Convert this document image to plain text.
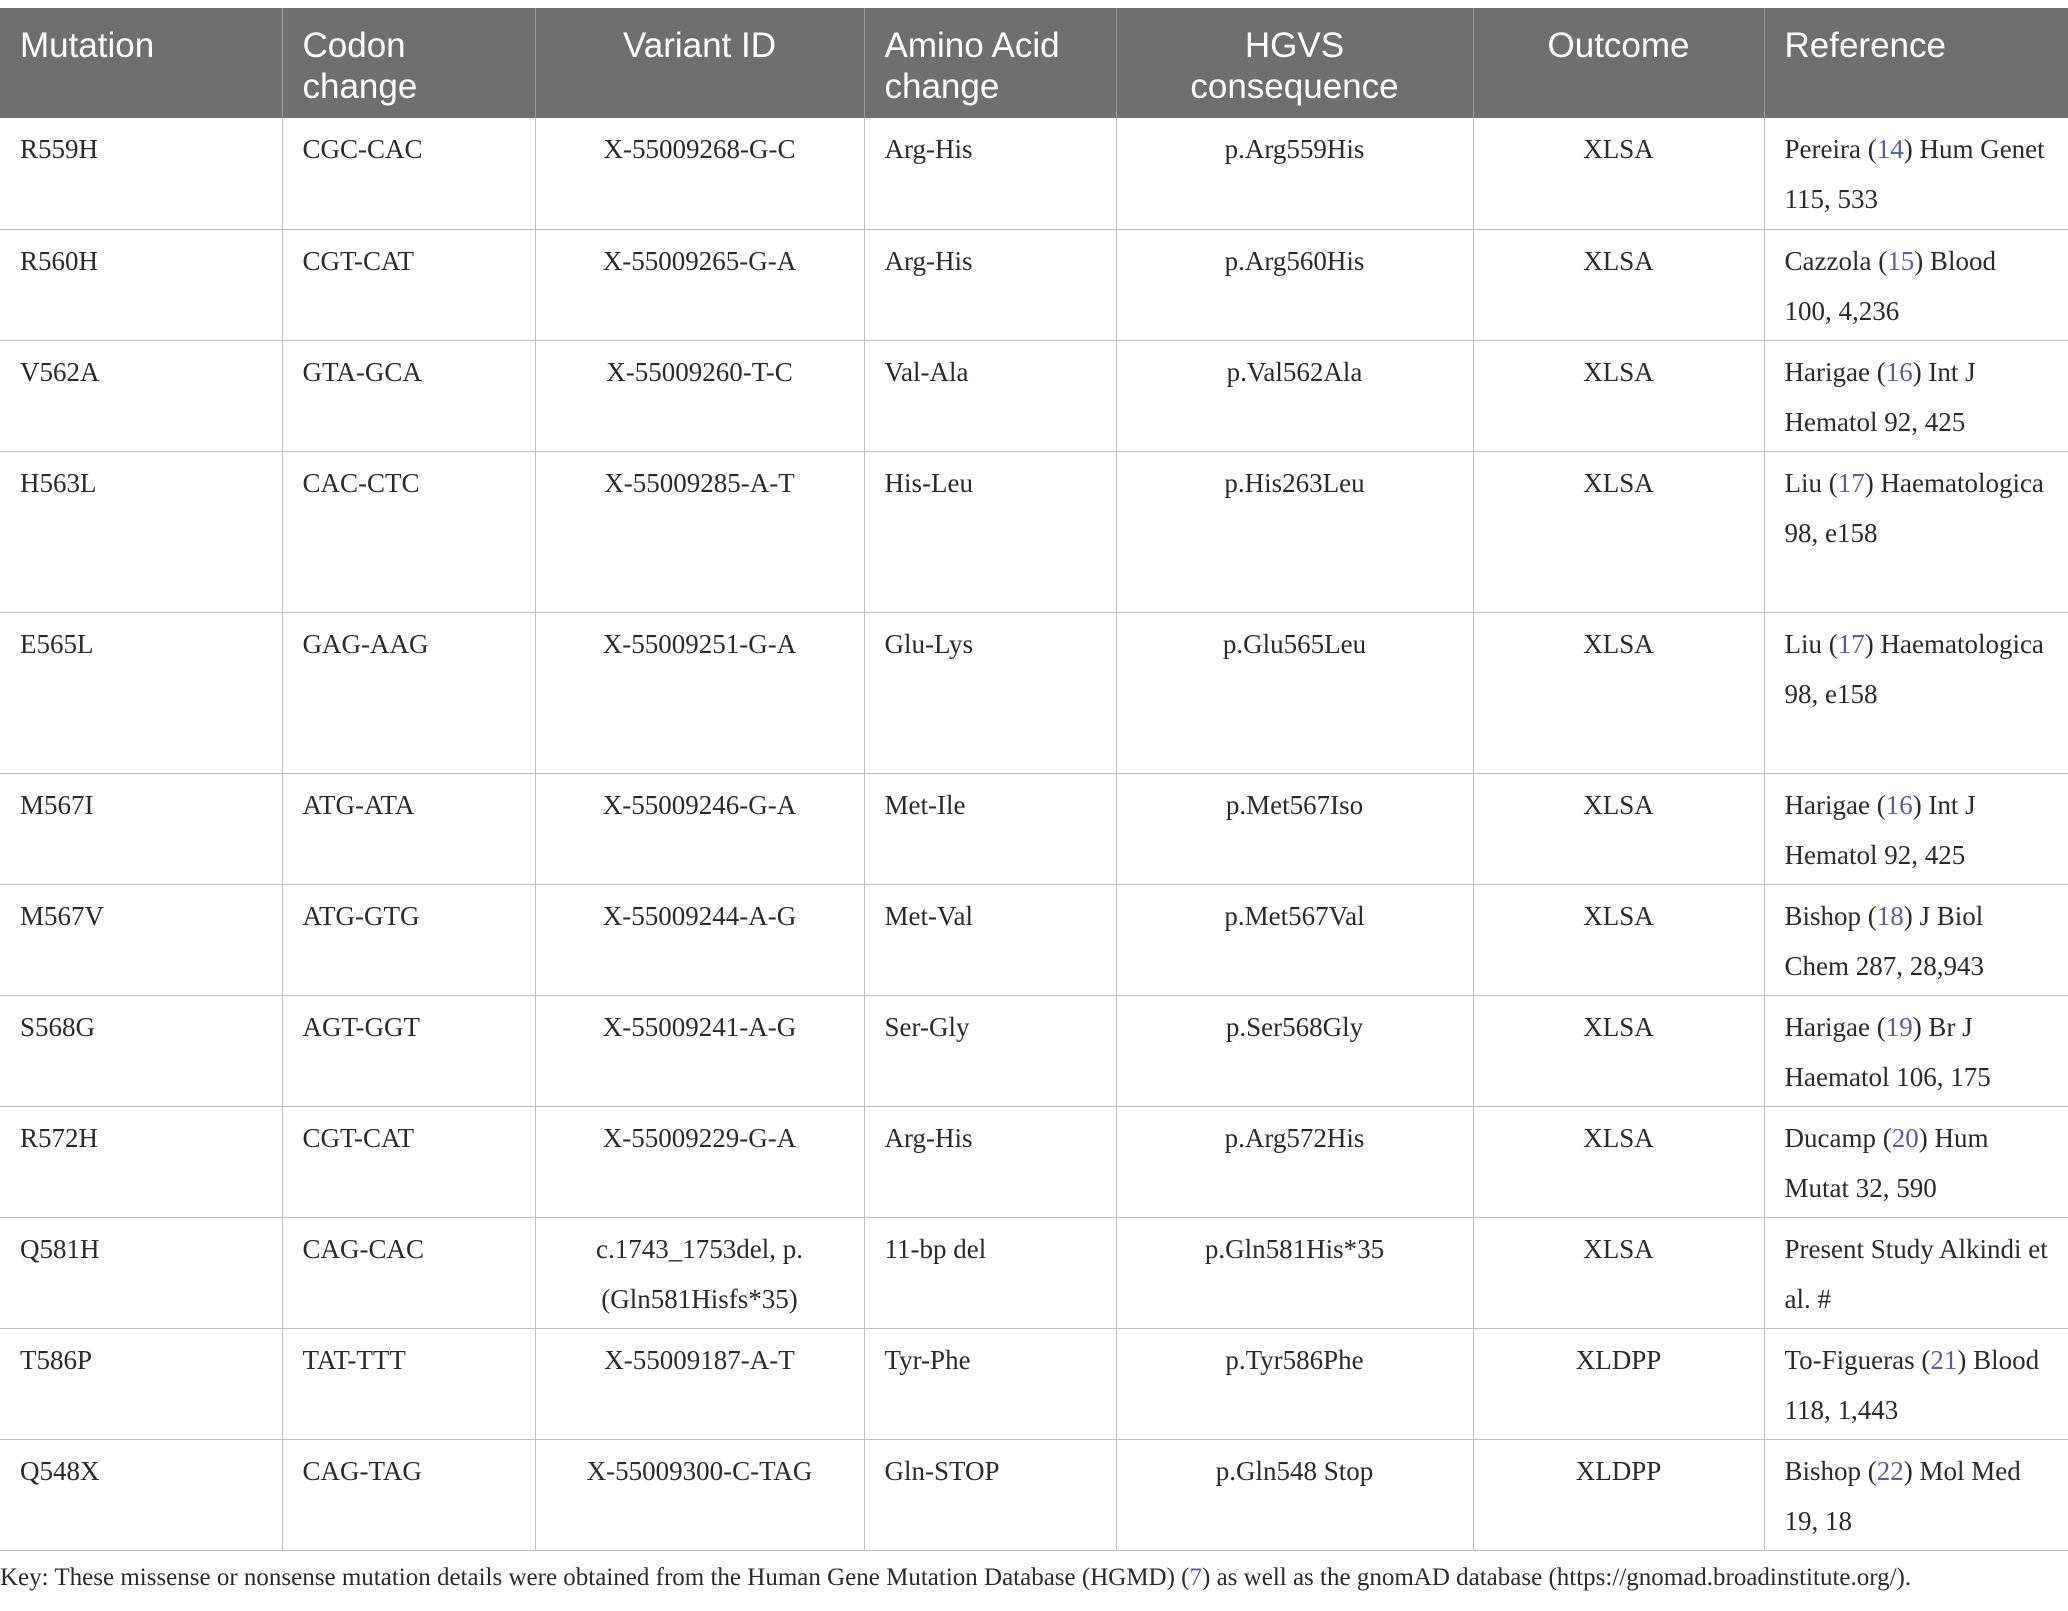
Mutation	Codon change	Variant ID	Amino Acid change	HGVS consequence	Outcome	Reference
R559H	CGC-CAC	X-55009268-G-C	Arg-His	p.Arg559His	XLSA	Pereira (14) Hum Genet 115, 533
R560H	CGT-CAT	X-55009265-G-A	Arg-His	p.Arg560His	XLSA	Cazzola (15) Blood 100, 4,236
V562A	GTA-GCA	X-55009260-T-C	Val-Ala	p.Val562Ala	XLSA	Harigae (16) Int J Hematol 92, 425
H563L	CAC-CTC	X-55009285-A-T	His-Leu	p.His263Leu	XLSA	Liu (17) Haematologica 98, e158
E565L	GAG-AAG	X-55009251-G-A	Glu-Lys	p.Glu565Leu	XLSA	Liu (17) Haematologica 98, e158
M567I	ATG-ATA	X-55009246-G-A	Met-Ile	p.Met567Iso	XLSA	Harigae (16) Int J Hematol 92, 425
M567V	ATG-GTG	X-55009244-A-G	Met-Val	p.Met567Val	XLSA	Bishop (18) J Biol Chem 287, 28,943
S568G	AGT-GGT	X-55009241-A-G	Ser-Gly	p.Ser568Gly	XLSA	Harigae (19) Br J Haematol 106, 175
R572H	CGT-CAT	X-55009229-G-A	Arg-His	p.Arg572His	XLSA	Ducamp (20) Hum Mutat 32, 590
Q581H	CAG-CAC	c.1743_1753del, p.(Gln581Hisfs*35)	11-bp del	p.Gln581His*35	XLSA	Present Study Alkindi et al. #
T586P	TAT-TTT	X-55009187-A-T	Tyr-Phe	p.Tyr586Phe	XLDPP	To-Figueras (21) Blood 118, 1,443
Q548X	CAG-TAG	X-55009300-C-TAG	Gln-STOP	p.Gln548 Stop	XLDPP	Bishop (22) Mol Med 19, 18
Key: These missense or nonsense mutation details were obtained from the Human Gene Mutation Database (HGMD) (7) as well as the gnomAD database (https://gnomad.broadinstitute.org/).
